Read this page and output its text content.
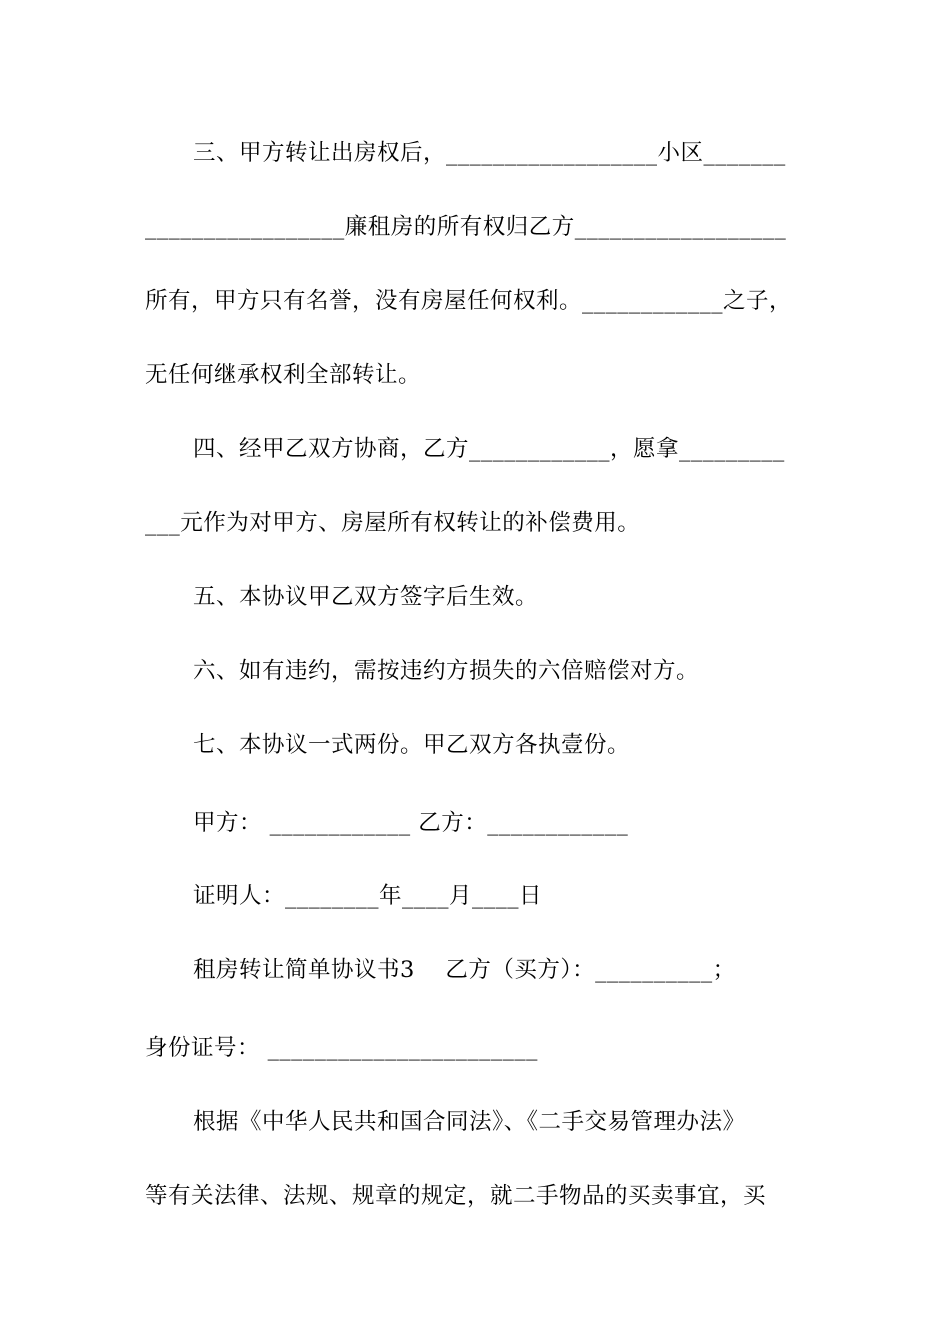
三、甲方转让出房权后，__________________小区_______
_________________廉租房的所有权归乙方__________________
所有，甲方只有名誉，没有房屋任何权利。____________之子，
无任何继承权利全部转让。
四、经甲乙双方协商，乙方____________，愿拿_________
___元作为对甲方、房屋所有权转让的补偿费用。
五、本协议甲乙双方签字后生效。
六、如有违约，需按违约方损失的六倍赔偿对方。
七、本协议一式两份。甲乙双方各执壹份。
甲方： ____________ 乙方：____________
证明人：________年____月____日
租房转让简单协议书3    乙方（买方）：__________；
身份证号： _______________________
根据《中华人民共和国合同法》、《二手交易管理办法》
等有关法律、法规、规章的规定，就二手物品的买卖事宜，买
